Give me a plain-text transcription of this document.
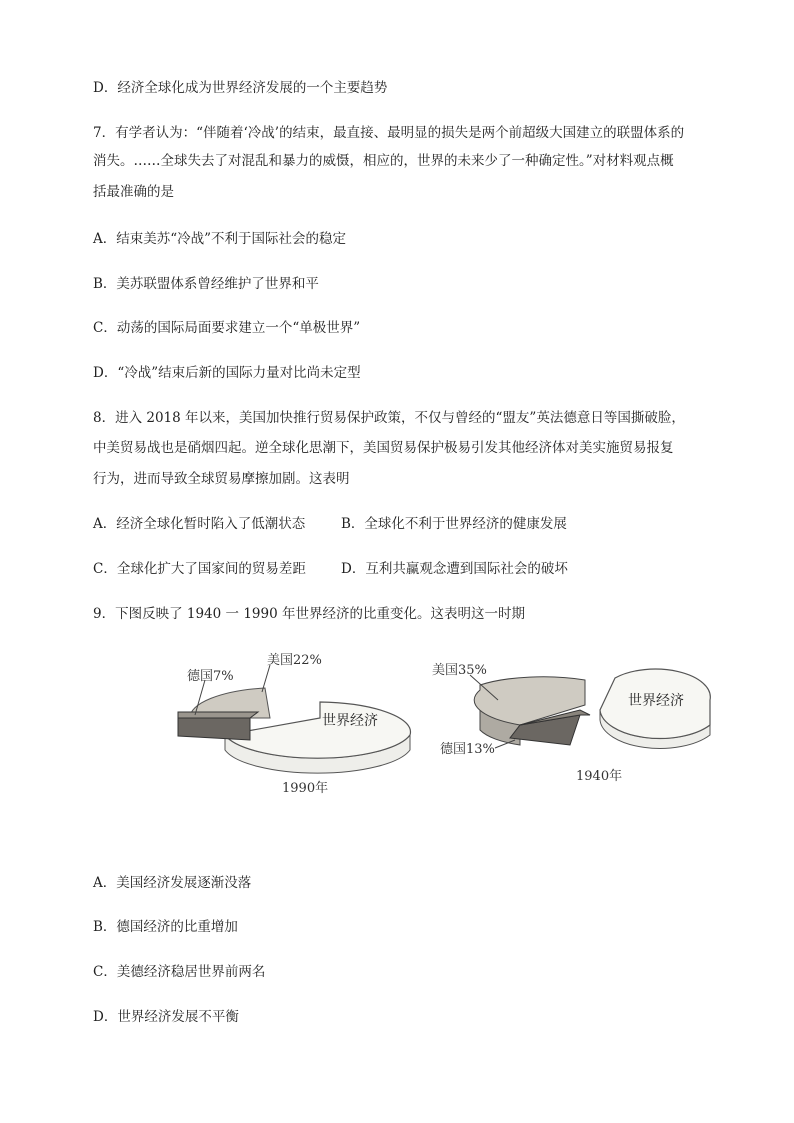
D．经济全球化成为世界经济发展的一个主要趋势
7．有学者认为：“伴随着‘冷战’的结束，最直接、最明显的损失是两个前超级大国建立的联盟体系的
消失。……全球失去了对混乱和暴力的威慑，相应的，世界的未来少了一种确定性。”对材料观点概
括最准确的是
A．结束美苏“冷战”不利于国际社会的稳定
B．美苏联盟体系曾经维护了世界和平
C．动荡的国际局面要求建立一个“单极世界”
D．“冷战”结束后新的国际力量对比尚未定型
8．进入 2018 年以来，美国加快推行贸易保护政策，不仅与曾经的“盟友”英法德意日等国撕破脸，
中美贸易战也是硝烟四起。逆全球化思潮下，美国贸易保护极易引发其他经济体对美实施贸易报复
行为，进而导致全球贸易摩擦加剧。这表明
A．经济全球化暂时陷入了低潮状态	B．全球化不利于世界经济的健康发展
C．全球化扩大了国家间的贸易差距	D．互利共赢观念遭到国际社会的破坏
9．下图反映了 1940 一 1990 年世界经济的比重变化。这表明这一时期
德国7%
美国22%
世界经济
1990年
美国35%
德国13%
世界经济
1940年
A．美国经济发展逐渐没落
B．德国经济的比重增加
C．美德经济稳居世界前两名
D．世界经济发展不平衡
